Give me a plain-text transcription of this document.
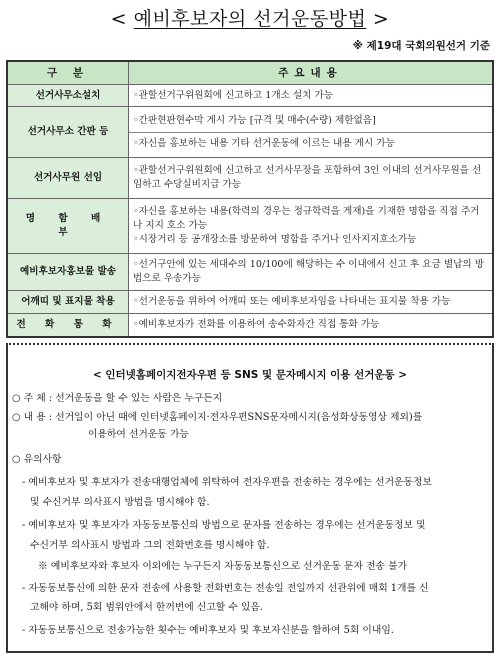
< 예비후보자의 선거운동방법 >
※ 제19대 국회의원선거 기준
구 분	주요내용
선거사무소설치	◦관할선거구위원회에 신고하고 1개소 설치 가능

선거사무소 간판 등	◦간판현판현수막 게시 가능 [규격 및 매수(수량) 제한없음]
◦자신을 홍보하는 내용 기타 선거운동에 이르는 내용 게시 가능

선거사무원 선임	◦관할선거구위원회에 신고하고 선거사무장을 포함하여 3인 이내의 선거사무원을 선임하고 수당실비지급 가능

명 함 배 부	◦자신을 홍보하는 내용(학력의 경우는 정규학력을 게재)을 기재한 명함을 직접 주거나 지지 호소 가능
◦시장거리 등 공개장소를 방문하여 명함을 주거나 인사지지호소가능

예비후보자홍보물 발송	◦선거구안에 있는 세대수의 10/100에 해당하는 수 이내에서 신고 후 요금 별납의 방법으로 우송가능

어깨띠 및 표지물 착용	◦선거운동을 위하여 어깨띠 또는 예비후보자임을 나타내는 표지물 착용 가능

전 화 통 화	◦예비후보자가 전화를 이용하여 송수화자간 직접 통화 가능
< 인터넷홈페이지전자우편 등 SNS 및 문자메시지 이용 선거운동 >
○ 주 체 : 선거운동을 할 수 있는 사람은 누구든지
○ 내 용 : 선거일이 아닌 때에 인터넷홈페이지·전자우편SNS문자메시지(음성화상동영상 제외)를
이용하여 선거운동 가능
○ 유의사항
- 예비후보자 및 후보자가 전송대행업체에 위탁하여 전자우편을 전송하는 경우에는 선거운동정보
및 수신거부 의사표시 방법을 명시해야 함.
- 예비후보자 및 후보자가 자동동보통신의 방법으로 문자를 전송하는 경우에는 선거운동정보 및
수신거부 의사표시 방법과 그의 전화번호를 명시해야 함.
※ 예비후보자와 후보자 이외에는 누구든지 자동동보통신으로 선거운동 문자 전송 불가
- 자동동보통신에 의한 문자 전송에 사용할 전화번호는 전송일 전일까지 선관위에 매회 1개를 신
고해야 하며, 5회 범위안에서 한꺼번에 신고할 수 있음.
- 자동동보통신으로 전송가능한 횟수는 예비후보자 및 후보자신분을 합하여 5회 이내임.
